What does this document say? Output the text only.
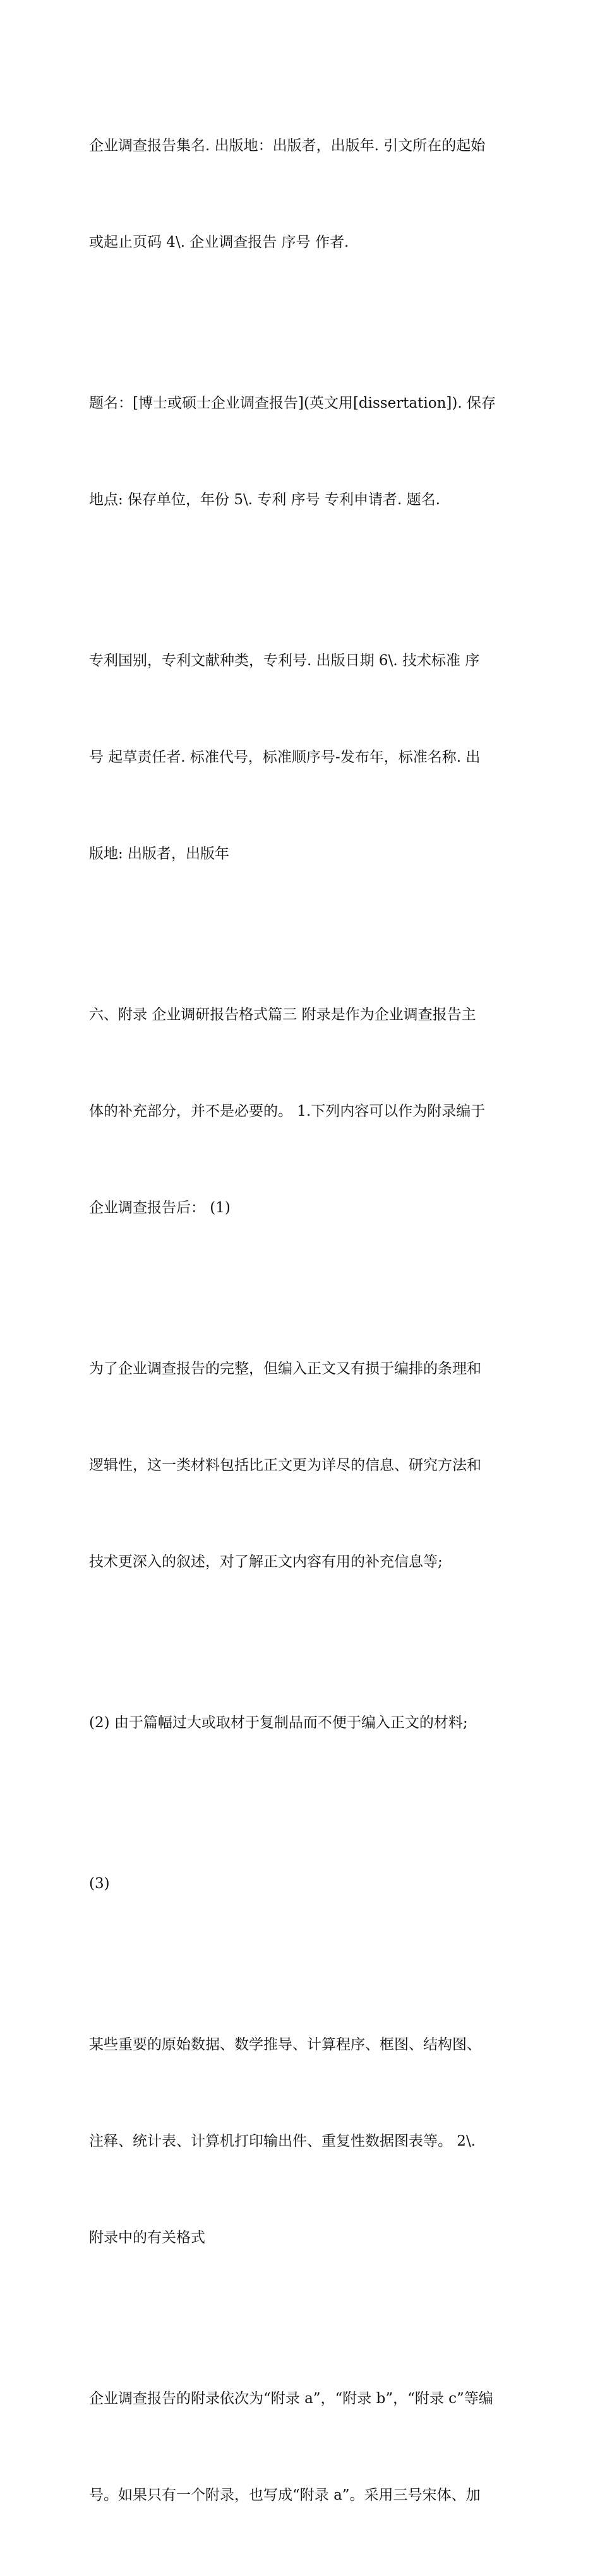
企业调查报告集名. 出版地：出版者，出版年. 引文所在的起始

或起止页码 4\. 企业调查报告 序号 作者.

题名：[博士或硕士企业调查报告](英文用[dissertation]). 保存

地点: 保存单位，年份 5\. 专利 序号 专利申请者. 题名.

专利国别，专利文献种类，专利号. 出版日期 6\. 技术标准 序

号 起草责任者. 标准代号，标准顺序号-发布年，标准名称. 出

版地: 出版者，出版年

六、附录 企业调研报告格式篇三 附录是作为企业调查报告主

体的补充部分，并不是必要的。 1.下列内容可以作为附录编于

企业调查报告后： (1)

为了企业调查报告的完整，但编入正文又有损于编排的条理和

逻辑性，这一类材料包括比正文更为详尽的信息、研究方法和

技术更深入的叙述，对了解正文内容有用的补充信息等;

(2) 由于篇幅过大或取材于复制品而不便于编入正文的材料;

(3)

某些重要的原始数据、数学推导、计算程序、框图、结构图、

注释、统计表、计算机打印输出件、重复性数据图表等。 2\.

附录中的有关格式

企业调查报告的附录依次为“附录 a”，“附录 b”，“附录 c”等编

号。如果只有一个附录，也写成“附录 a”。采用三号宋体、加
